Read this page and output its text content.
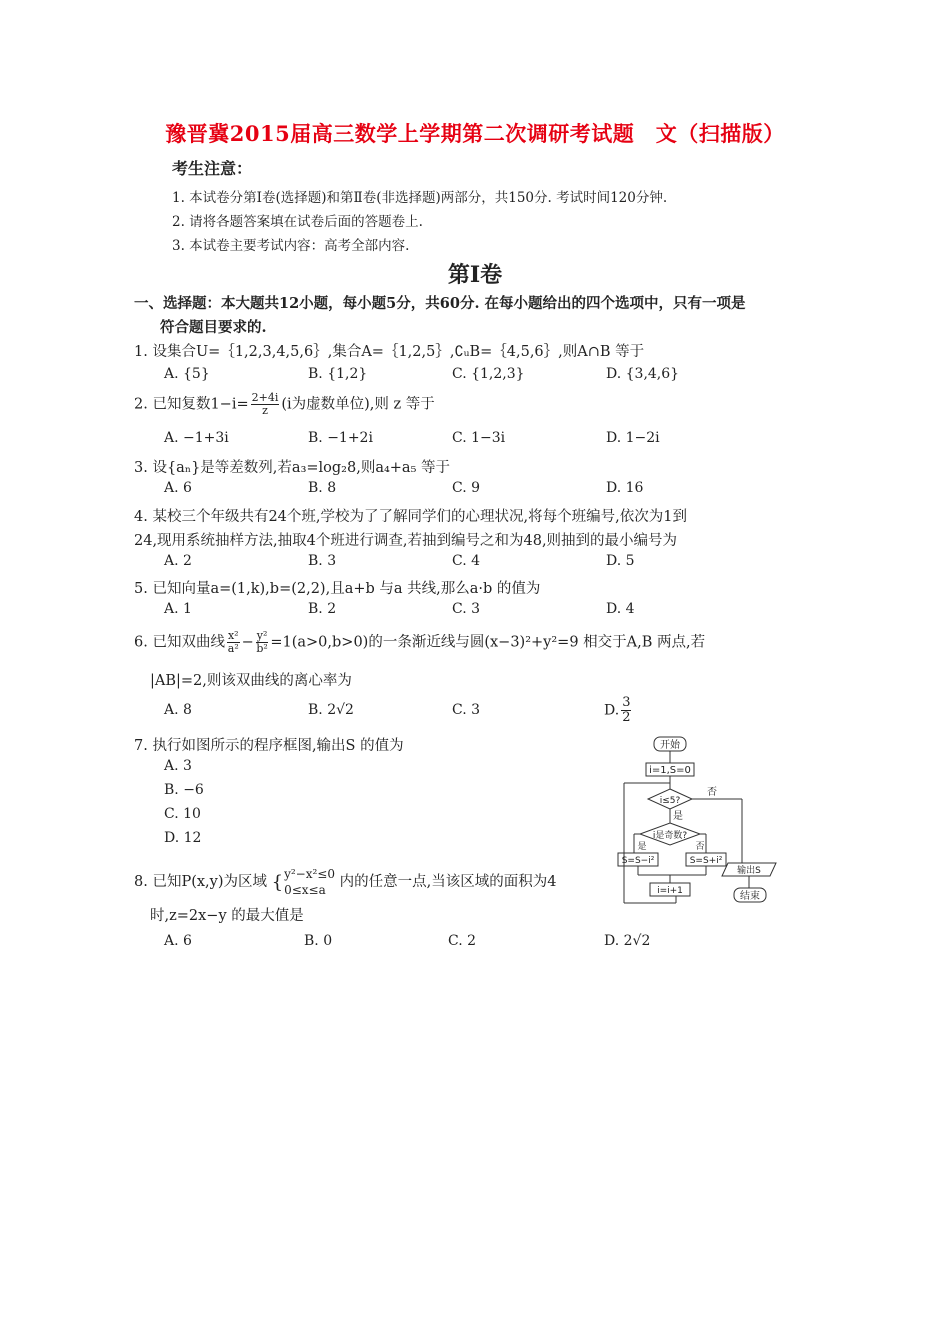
豫晋冀2015届高三数学上学期第二次调研考试题　文（扫描版）
考生注意：
1. 本试卷分第Ⅰ卷(选择题)和第Ⅱ卷(非选择题)两部分，共150分. 考试时间120分钟.
2. 请将各题答案填在试卷后面的答题卷上.
3. 本试卷主要考试内容：高考全部内容.
第Ⅰ卷
一、选择题：本大题共12小题，每小题5分，共60分. 在每小题给出的四个选项中，只有一项是
符合题目要求的.
1. 设集合U=｛1,2,3,4,5,6｝,集合A=｛1,2,5｝,∁ᵤB=｛4,5,6｝,则A∩B 等于
A. {5}	B. {1,2}	C. {1,2,3}	D. {3,4,6}
2. 已知复数$1-i= \frac{2+4i}{z} (i$为虚数单位),则 z 等于
A. −1+3i	B. −1+2i	C. 1−3i	D. 1−2i
3. 设{aₙ}是等差数列,若a₃=log₂8,则a₄+a₅ 等于
A. 6	B. 8	C. 9	D. 16
4. 某校三个年级共有24个班,学校为了了解同学们的心理状况,将每个班编号,依次为1到
24,现用系统抽样方法,抽取4个班进行调查,若抽到编号之和为48,则抽到的最小编号为
A. 2	B. 3	C. 4	D. 5
5. 已知向量a=(1,k),b=(2,2),且a+b 与a 共线,那么a·b 的值为
A. 1	B. 2	C. 3	D. 4
6. 已知双曲线 $\frac{\text{x²}}{\text{a²}} - \frac{\text{y²}}{\text{b²}} =1(a>0,b>0)$的一条渐近线与圆(x−3)²+y²=9 相交于A,B 两点,若
|AB|=2,则该双曲线的离心率为
A. 8	B. 2√2	C. 3	D. $\frac{3}{2}$
7. 执行如图所示的程序框图,输出S 的值为
A. 3
B. −6
C. 10
D. 12
8. 已知P(x,y)为区域 { y²−x²≤0
0≤x≤a 内的任意一点,当该区域的面积为4
时,z=2x−y 的最大值是
A. 6	B. 0	C. 2	D. 2√2
开始
i=1,S=0
i≤5?
否
是
i是奇数?
是	否
S=S−i²	S=S+i²
i=i+1
输出S
结束
